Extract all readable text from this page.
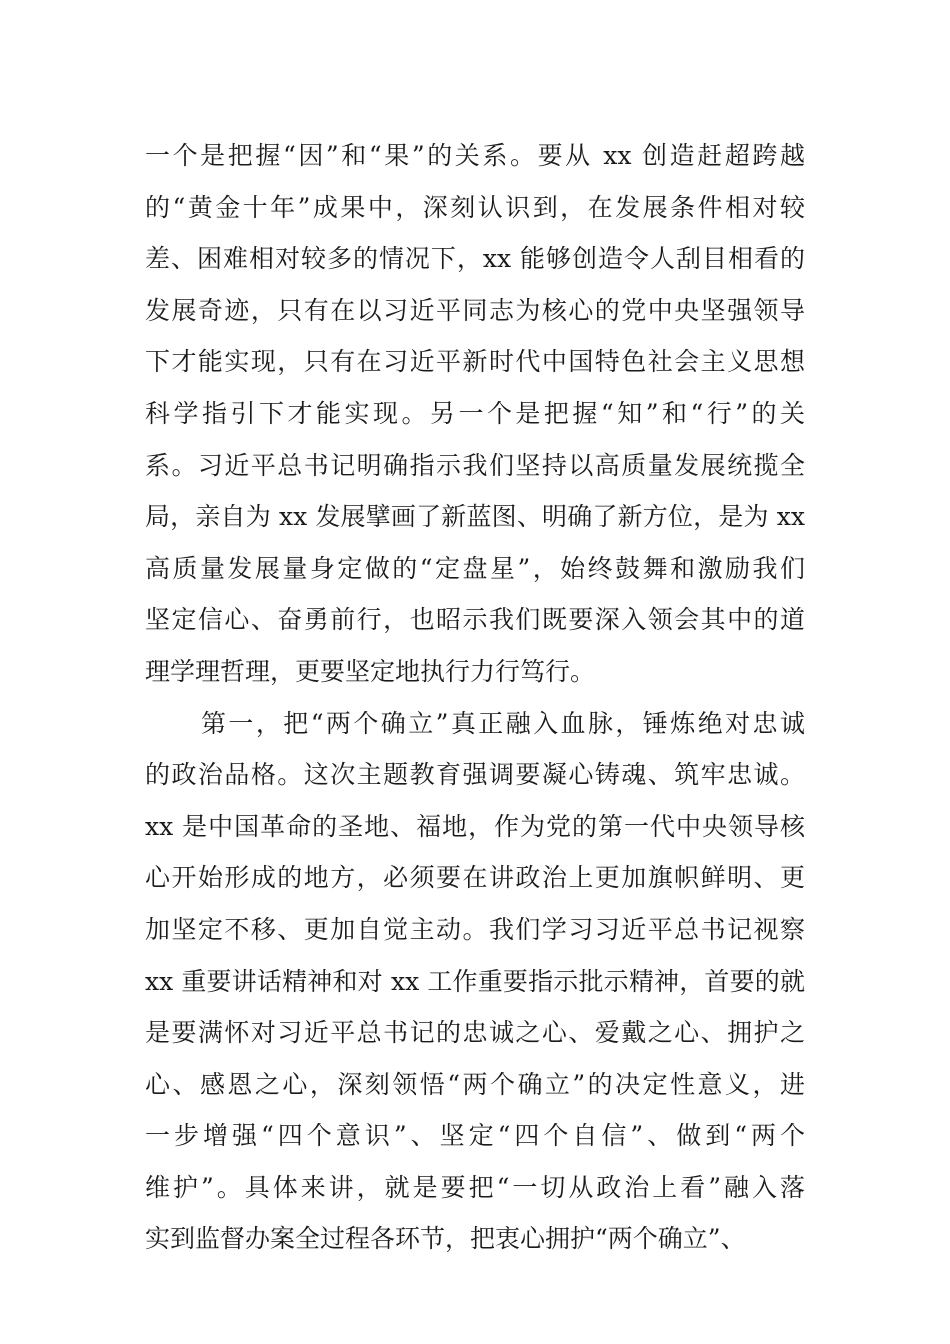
一个是把握“因”和“果”的关系。要从 xx 创造赶超跨越
的“黄金十年”成果中，深刻认识到，在发展条件相对较
差、困难相对较多的情况下，xx 能够创造令人刮目相看的
发展奇迹，只有在以习近平同志为核心的党中央坚强领导
下才能实现，只有在习近平新时代中国特色社会主义思想
科学指引下才能实现。另一个是把握“知”和“行”的关
系。习近平总书记明确指示我们坚持以高质量发展统揽全
局，亲自为 xx 发展擘画了新蓝图、明确了新方位，是为 xx
高质量发展量身定做的“定盘星”，始终鼓舞和激励我们
坚定信心、奋勇前行，也昭示我们既要深入领会其中的道
理学理哲理，更要坚定地执行力行笃行。
第一，把“两个确立”真正融入血脉，锤炼绝对忠诚
的政治品格。这次主题教育强调要凝心铸魂、筑牢忠诚。
xx 是中国革命的圣地、福地，作为党的第一代中央领导核
心开始形成的地方，必须要在讲政治上更加旗帜鲜明、更
加坚定不移、更加自觉主动。我们学习习近平总书记视察
xx 重要讲话精神和对 xx 工作重要指示批示精神，首要的就
是要满怀对习近平总书记的忠诚之心、爱戴之心、拥护之
心、感恩之心，深刻领悟“两个确立”的决定性意义，进
一步增强“四个意识”、坚定“四个自信”、做到“两个
维护”。具体来讲，就是要把“一切从政治上看”融入落
实到监督办案全过程各环节，把衷心拥护“两个确立”、
